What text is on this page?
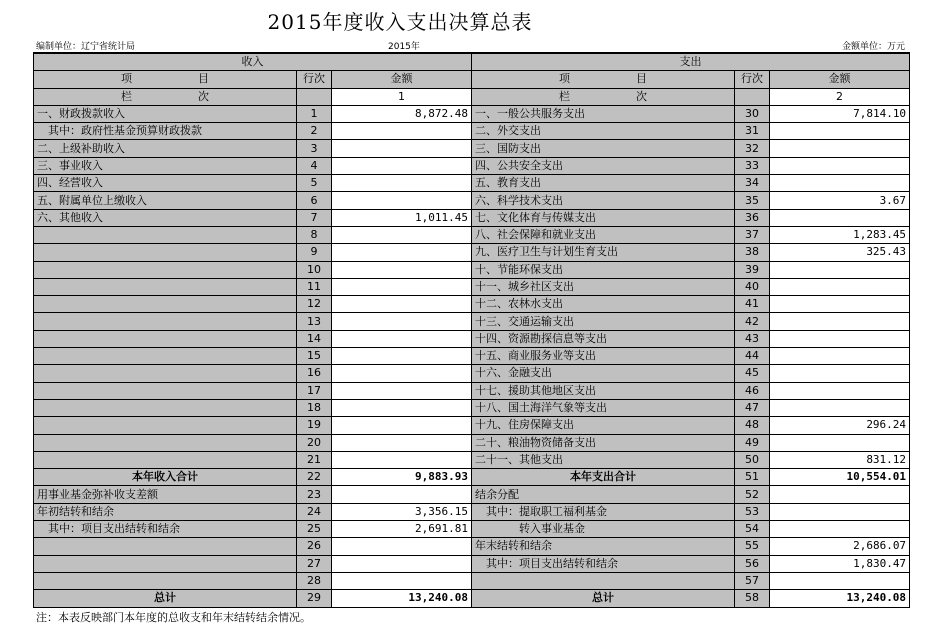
2015年度收入支出决算总表
编制单位：辽宁省统计局	2015年	金额单位：万元
收入			支出		
项　　　　　　目	行次	金额	项　　　　　　目	行次	金额
栏　　　　　　次		1	栏　　　　　　次		2
一、财政拨款收入	1	8,872.48	一、一般公共服务支出	30	7,814.10
　其中：政府性基金预算财政拨款	2		二、外交支出	31	
二、上级补助收入	3		三、国防支出	32	
三、事业收入	4		四、公共安全支出	33	
四、经营收入	5		五、教育支出	34	
五、附属单位上缴收入	6		六、科学技术支出	35	3.67
六、其他收入	7	1,011.45	七、文化体育与传媒支出	36	
	8		八、社会保障和就业支出	37	1,283.45
	9		九、医疗卫生与计划生育支出	38	325.43
	10		十、节能环保支出	39	
	11		十一、城乡社区支出	40	
	12		十二、农林水支出	41	
	13		十三、交通运输支出	42	
	14		十四、资源勘探信息等支出	43	
	15		十五、商业服务业等支出	44	
	16		十六、金融支出	45	
	17		十七、援助其他地区支出	46	
	18		十八、国土海洋气象等支出	47	
	19		十九、住房保障支出	48	296.24
	20		二十、粮油物资储备支出	49	
	21		二十一、其他支出	50	831.12
本年收入合计	22	9,883.93	本年支出合计	51	10,554.01
用事业基金弥补收支差额	23		结余分配	52	
年初结转和结余	24	3,356.15	　其中：提取职工福利基金	53	
　其中：项目支出结转和结余	25	2,691.81	　　　　转入事业基金	54	
	26		年末结转和结余	55	2,686.07
	27		　其中：项目支出结转和结余	56	1,830.47
	28			57	
总计	29	13,240.08	总计	58	13,240.08
注：本表反映部门本年度的总收支和年末结转结余情况。
